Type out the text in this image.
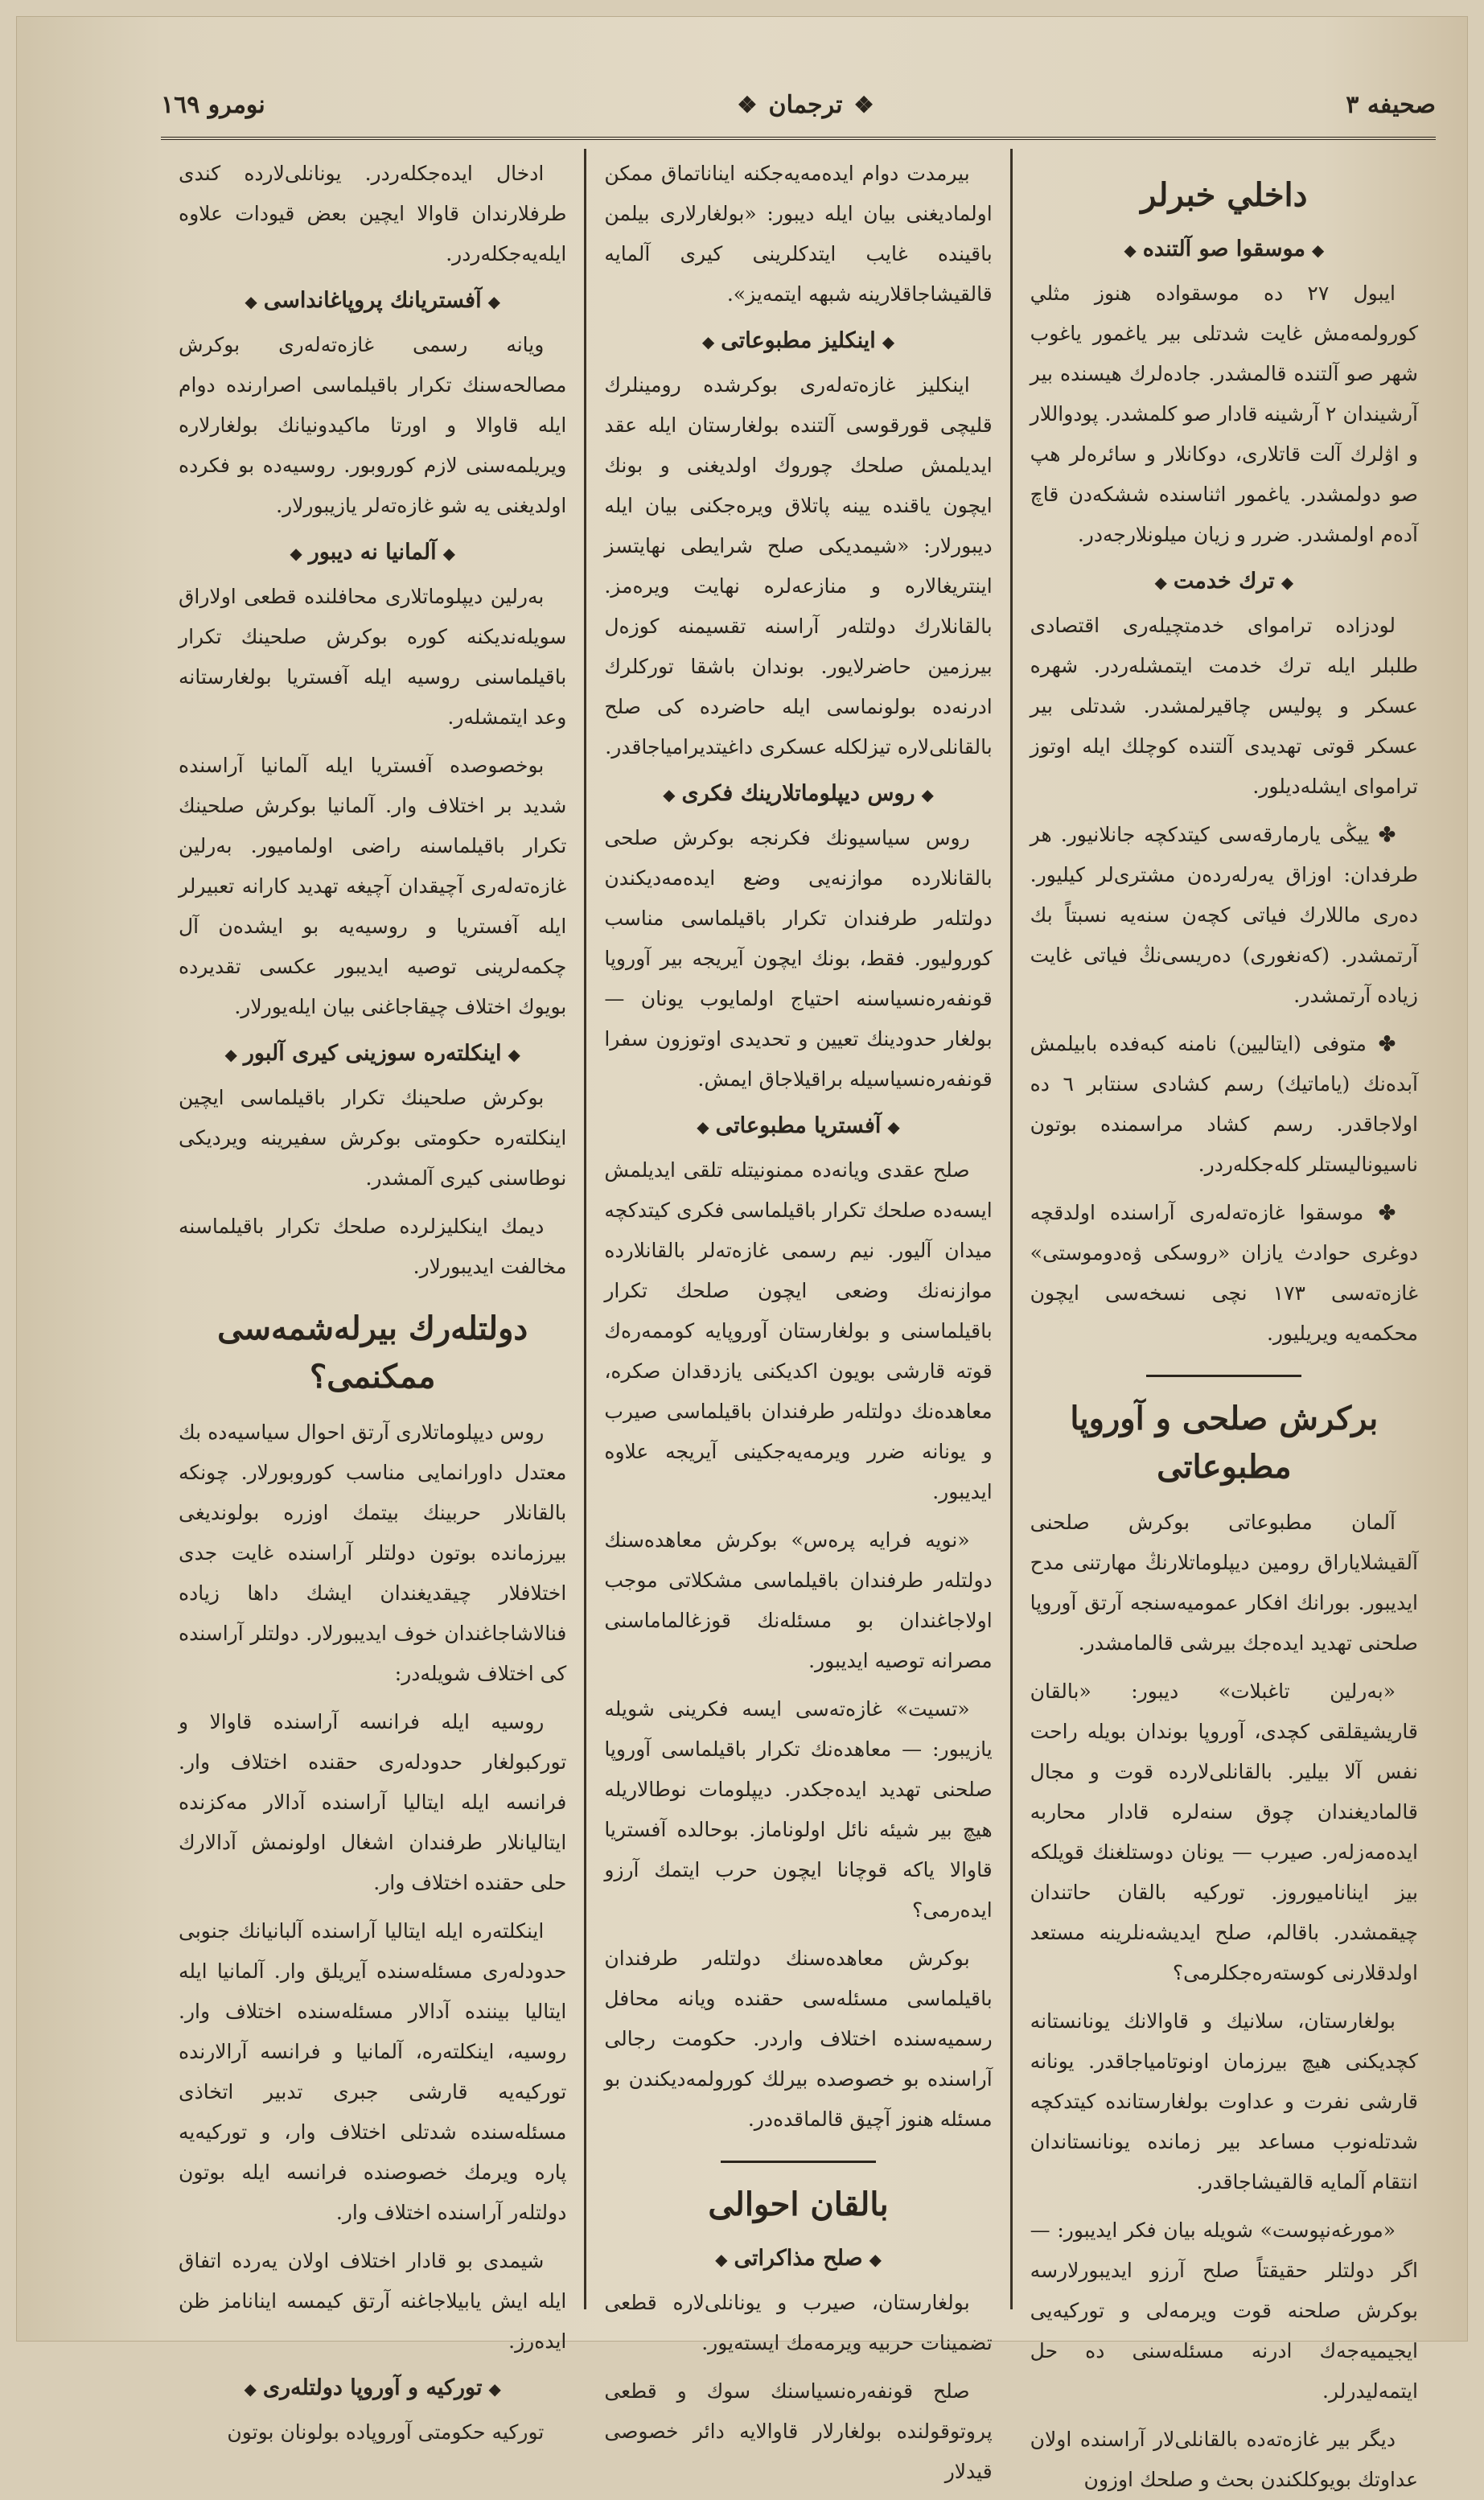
صحيفه ٣
❖
ترجمان
❖
نومرو ١٦٩
داخلي خبرلر
◆موسقوا صو آلتنده◆

ايبول ٢٧ ده موسقواده هنوز مثلي كورولمەمش غايت شدتلى بير ياغمور ياغوب شهر صو آلتنده قالمشدر. جادەلرك هيسنده بير آرشيندان ٢ آرشينه قادار صو كلمشدر. پودواللار و اۋلرك آلت قاتلارى، دوكانلار و سائرەلر هپ صو دولمشدر. ياغمور اثناسنده ششكەدن قاچ آدەم اولمشدر. ضرر و زيان ميلونلارجەدر.

◆ترك خدمت◆

لودزاده ترامواى خدمتچيلەرى اقتصادى طلبلر ايله ترك خدمت ايتمشلەردر. شهره عسكر و پوليس چاقيرلمشدر. شدتلى بير عسكر قوتى تهديدى آلتنده كوچلك ايله اوتوز ترامواى ايشلەديلور.

✤ ييڭى يارمارقەسى كيتدكچه جانلانيور. هر طرفدان: اوزاق يەرلەردەن مشترى‌لر كيليور. دەرى ماللارك فياتى كچەن سنەيه نسبتاً بك آرتمشدر. (كەنغورى) دەريسى‌نڭ فياتى غايت زياده آرتمشدر.

✤ متوفى (ايتاليين) نامنه كبەفده بابيلمش آبدەنك (ياماتيك) رسم كشادى سنتابر ٦ ده اولاجاقدر. رسم كشاد مراسمنده بوتون ناسيوناليستلر كلەجكلەردر.

✤ موسقوا غازەتەلەرى آراسنده اولدقچه دوغرى حوادث يازان «روسكى ۋەدوموستى» غازەتەسى ١٧٣ نچى نسخەسى ايچون محكمەيه ويريليور.

بركرش صلحى و آوروپا مطبوعاتى

آلمان مطبوعاتى بوكرش صلحنى آلقيشلاياراق رومين ديپلوماتلارنڭ مهارتنى مدح ايديبور. بورانك افكار عموميەسنجه آرتق آوروپا صلحنى تهديد ايدەجك بيرشى قالمامشدر.

«بەرلين تاغبلات» ديبور: «بالقان قاريشيقلقى كچدى، آوروپا بوندان بويله راحت نفس آلا بيلير. بالقانلى‌لارده قوت و مجال قالماديغندان چوق سنەلره قادار محاربه ايدەمەزلەر. صيرب — يونان دوستلغنك قويلكه بيز ايناناميوروز. توركيه بالقان حاتندان چيقمشدر. باقالم، صلح ايديشەنلرينه مستعد اولدقلارنى كوستەرەجكلرمى؟

بولغارستان، سلانيك و قاوالانك يونانستانه كچديكنى هيچ بيرزمان اونوتامياجاقدر. يونانه قارشى نفرت و عداوت بولغارستانده كيتدكچه شدتلەنوب مساعد بير زمانده يونانستاندان انتقام آلمايه قالقيشاجاقدر.

«مورغەنپوست» شويله بيان فكر ايديبور: — اگر دولتلر حقيقتاً صلح آرزو ايديبورلارسه بوكرش صلحنه قوت ويرمەلى و توركيەيى ايجيميەجەك ادرنه مسئلەسنى ده حل ايتمەليدرلر.

ديگر بير غازەتەده بالقانلى‌لار آراسنده اولان عداوتك بويوكلكندن بحث و صلحك اوزون

بيرمدت دوام ايدەمەيه‌جكنه ايناناتماق ممكن اولماديغنى بيان ايله ديبور: «بولغارلارى بيلمن باقيندە غايب ايتدكلرينى كيرى آلمايه قالقيشاجاقلارينه شبهه ايتمەيز».

◆اينكليز مطبوعاتى◆

اينكليز غازەتەلەرى بوكرشده رومينلرك قليچى قورقوسى آلتنده بولغارستان ايله عقد ايديلمش صلحك چوروك اولديغنى و بونك ايچون ياقنده يينه پاتلاق ويرەجكنى بيان ايله ديبورلار: «شيمديكى صلح شرايطى نهايتسز اينتريغالاره و منازعەلره نهايت ويرەمز. بالقانلارك دولتلەر آراسنه تقسيمنه كوزەل بيرزمين حاضرلايور. بوندان باشقا توركلرك ادرنەده بولونماسى ايله حاضرده كى صلح بالقانلى‌لاره تيزلكله عسكرى داغيتديرامياجاقدر.

◆روس ديپلوماتلارينك فكرى◆

روس سياسيونك فكرنجه بوكرش صلحى بالقانلارده موازنەيى وضع ايدەمەديكندن دولتلەر طرفندان تكرار باقيلماسى مناسب كوروليور. فقط، بونك ايچون آيريجه بير آوروپا قونفەرەنسياسنه احتياج اولمايوب يونان — بولغار حدودينك تعيين و تحديدى اوتوزون سفرا قونفەرەنسياسيله براقيلاجاق ايمش.

◆آفستريا مطبوعاتى◆

صلح عقدى ويانەده ممنونيتله تلقى ايديلمش ايسەده صلحك تكرار باقيلماسى فكرى كيتدكچه ميدان آليور. نيم رسمى غازەتەلر بالقانلارده موازنەنك وضعى ايچون صلحك تكرار باقيلماسنى و بولغارستان آوروپايه كوممەرەك قوته قارشى بويون اكديكنى يازدقدان صكره، معاهدەنك دولتلەر طرفندان باقيلماسى صيرب و يونانه ضرر ويرمەيەجكينى آيريجه علاوه ايديبور.

«نويه فرايه پرەس» بوكرش معاهدەسنك دولتلەر طرفندان باقيلماسى مشكلاتى موجب اولاجاغندان بو مسئلەنك قوزغالماماسنى مصرانه توصيه ايديبور.

«تسيت» غازەتەسى ايسه فكرينى شويله يازيبور: — معاهدەنك تكرار باقيلماسى آوروپا صلحنى تهديد ايدەجكدر. ديپلومات نوطالاريله هيچ بير شيئه نائل اولوناماز. بوحالده آفستريا قاوالا ياكه قوچانا ايچون حرب ايتمك آرزو ايدەرمى؟

بوكرش معاهدەسنك دولتلەر طرفندان باقيلماسى مسئلەسى حقنده ويانه محافل رسميەسنده اختلاف واردر. حكومت رجالى آراسنده بو خصوصده بيرلك كورولمەديكندن بو مسئله هنوز آچيق قالماقدەدر.

بالقان احوالى
◆صلح مذاكراتى◆

بولغارستان، صيرب و يونانلى‌لاره قطعى تضمينات حربيه ويرمەمك ايستەيور.

صلح قونفەرەنسياسنك سوك و قطعى پروتوقولنده بولغارلار قاوالايه دائر خصوصى قيدلار

ادخال ايدەجكلەردر. يونانلى‌لارده كندى طرفلارندان قاوالا ايچين بعض قيودات علاوه ايلەيەجكلەردر.

◆آفستريانك پروپاغانداسى◆

ويانه رسمى غازەتەلەرى بوكرش مصالحەسنك تكرار باقيلماسى اصرارنده دوام ايله قاوالا و اورتا ماكيدونيانك بولغارلاره ويريلمەسنى لازم كوروبور. روسيەده بو فكرده اولديغنى يه شو غازەتەلر يازيبورلار.

◆آلمانيا نه ديبور◆

بەرلين ديپلوماتلارى محافلنده قطعى اولاراق سويلەنديكنه كوره بوكرش صلحينك تكرار باقيلماسنى روسيه ايله آفستريا بولغارستانه وعد ايتمشلەر.

بوخصوصده آفستريا ايله آلمانيا آراسنده شديد بر اختلاف وار. آلمانيا بوكرش صلحينك تكرار باقيلماسنه راضى اولماميور. بەرلين غازەتەلەرى آچيقدان آچيغه تهديد كارانه تعبيرلر ايله آفستريا و روسيەيه بو ايشدەن آل چكمەلرينى توصيه ايديبور عكسى تقديرده بويوك اختلاف چيقاجاغنى بيان ايلەيورلار.

◆اينكلتەره سوزينى كيرى آلبور◆

بوكرش صلحينك تكرار باقيلماسى ايچين اينكلتەره حكومتى بوكرش سفيرينه ويرديكى نوطاسنى كيرى آلمشدر.

ديمك اينكليزلرده صلحك تكرار باقيلماسنه مخالفت ايديبورلار.

دولتلەرك بيرلەشمەسى ممكنمى؟

روس ديپلوماتلارى آرتق احوال سياسيەده بك معتدل داورانمايى مناسب كوروبورلار. چونكه بالقانلار حربينك بيتمك اوزره بولونديغى بيرزمانده بوتون دولتلر آراسنده غايت جدى اختلافلار چيقديغندان ايشك داها زياده فنالاشاجاغندان خوف ايديبورلار. دولتلر آراسنده كى اختلاف شويلەدر:

روسيه ايله فرانسه آراسنده قاوالا و توركبولغار حدودلەرى حقنده اختلاف وار. فرانسه ايله ايتاليا آراسنده آدالار مەكزنده ايتاليانلار طرفندان اشغال اولونمش آدالارك حلى حقنده اختلاف وار.

اينكلتەره ايله ايتاليا آراسنده آلبانيانك جنوبى حدودلەرى مسئلەسنده آيريلق وار. آلمانيا ايله ايتاليا بيننده آدالار مسئلەسنده اختلاف وار. روسيه، اينكلتەره، آلمانيا و فرانسه آرالارنده توركيەيه قارشى جبرى تدبير اتخاذى مسئلەسنده شدتلى اختلاف وار، و توركيەيه پاره ويرمك خصوصنده فرانسه ايله بوتون دولتلەر آراسنده اختلاف وار.

شيمدى بو قادار اختلاف اولان يەرده اتفاق ايله ايش يابيلاجاغنه آرتق كيمسه اينانامز ظن ايدەرز.

◆توركيه و آوروپا دولتلەرى◆

توركيه حكومتى آوروپاده بولونان بوتون
